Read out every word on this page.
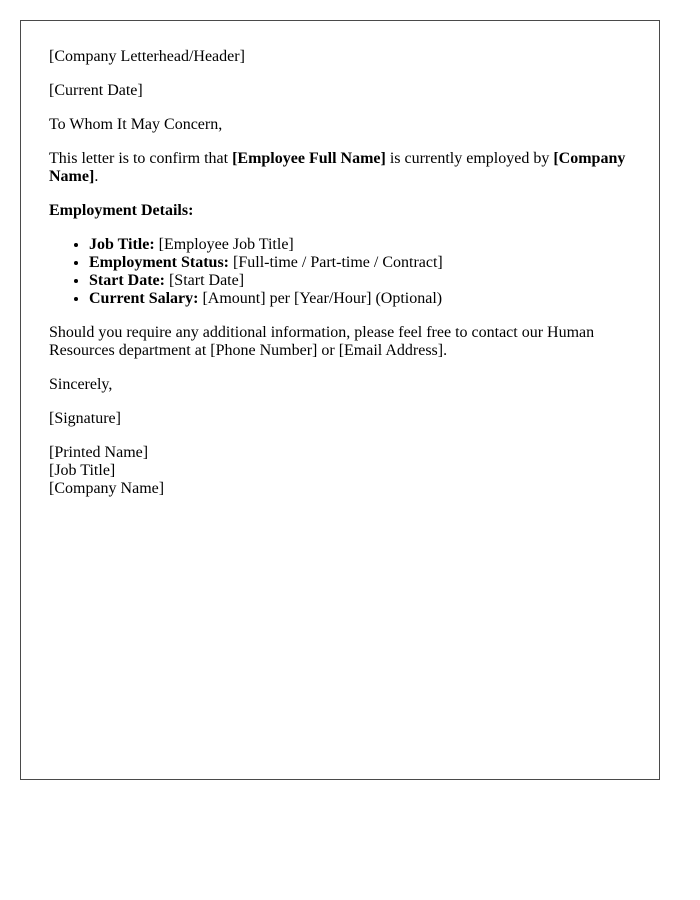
[Company Letterhead/Header]

[Current Date]

To Whom It May Concern,

This letter is to confirm that [Employee Full Name] is currently employed by [Company Name].

Employment Details:

• Job Title: [Employee Job Title]
• Employment Status: [Full-time / Part-time / Contract]
• Start Date: [Start Date]
• Current Salary: [Amount] per [Year/Hour] (Optional)

Should you require any additional information, please feel free to contact our Human Resources department at [Phone Number] or [Email Address].

Sincerely,

[Signature]

[Printed Name]

[Job Title]

[Company Name]
